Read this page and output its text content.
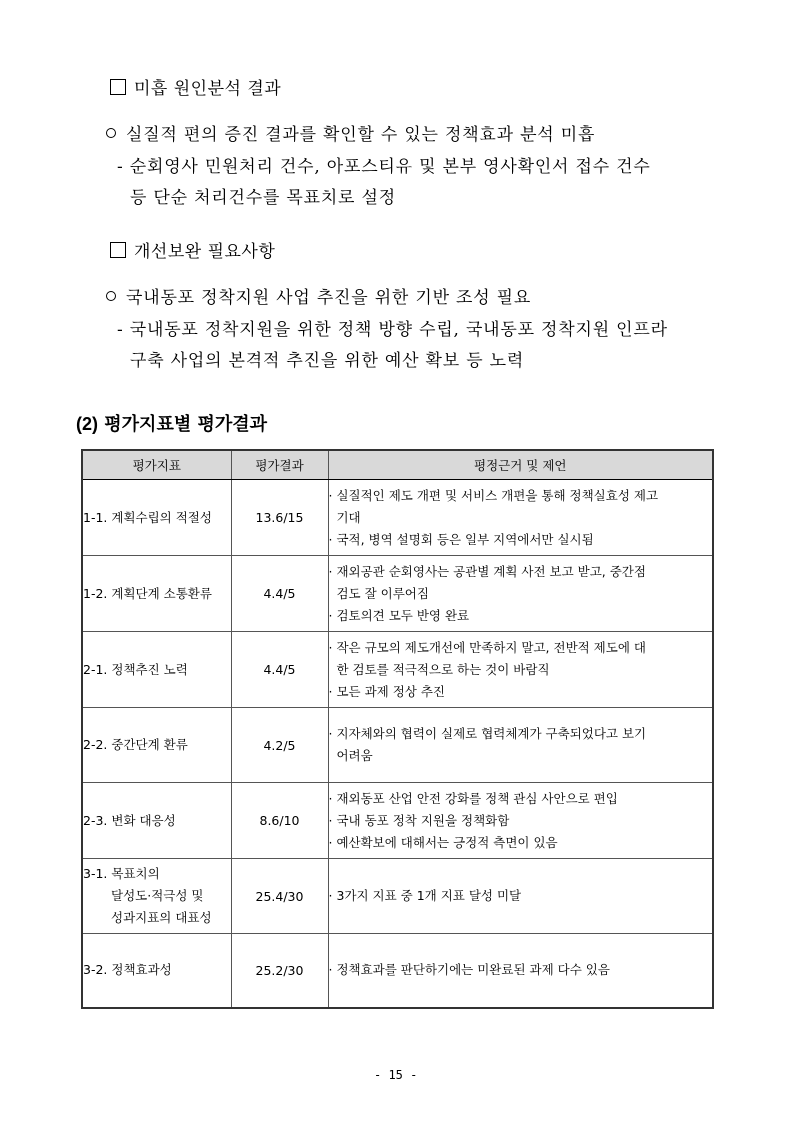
미흡 원인분석 결과
실질적 편의 증진 결과를 확인할 수 있는 정책효과 분석 미흡
- 순회영사 민원처리 건수, 아포스티유 및 본부 영사확인서 접수 건수
등 단순 처리건수를 목표치로 설정
개선보완 필요사항
국내동포 정착지원 사업 추진을 위한 기반 조성 필요
- 국내동포 정착지원을 위한 정책 방향 수립, 국내동포 정착지원 인프라
구축 사업의 본격적 추진을 위한 예산 확보 등 노력
(2) 평가지표별 평가결과
평가지표	평가결과	평정근거 및 제언

1-1. 계획수립의 적절성	13.6/15	· 실질적인 제도 개편 및 서비스 개편을 통해 정책실효성 제고
기대
· 국적, 병역 설명회 등은 일부 지역에서만 실시됨

1-2. 계획단계 소통환류	4.4/5	· 재외공관 순회영사는 공관별 계획 사전 보고 받고, 중간점
검도 잘 이루어짐
· 검토의견 모두 반영 완료

2-1. 정책추진 노력	4.4/5	· 작은 규모의 제도개선에 만족하지 말고, 전반적 제도에 대
한 검토를 적극적으로 하는 것이 바람직
· 모든 과제 정상 추진

2-2. 중간단계 환류	4.2/5	· 지자체와의 협력이 실제로 협력체계가 구축되었다고 보기
어려움

2-3. 변화 대응성	8.6/10	· 재외동포 산업 안전 강화를 정책 관심 사안으로 편입
· 국내 동포 정착 지원을 정책화함
· 예산확보에 대해서는 긍정적 측면이 있음

3-1. 목표치의
달성도·적극성 및
성과지표의 대표성	25.4/30	· 3가지 지표 중 1개 지표 달성 미달

3-2. 정책효과성	25.2/30	· 정책효과를 판단하기에는 미완료된 과제 다수 있음
- 15 -
